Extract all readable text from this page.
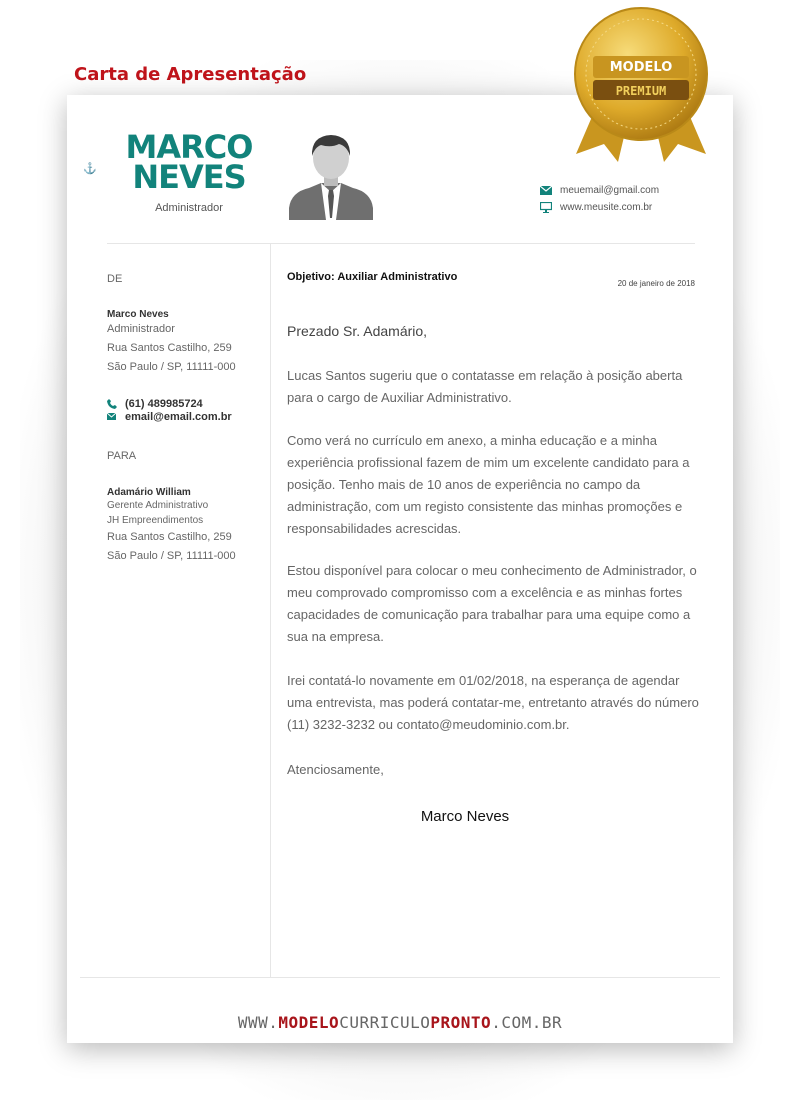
Carta de Apresentação
⚓
MARCO
NEVES
Administrador
meuemail@gmail.com
www.meusite.com.br
DE
Marco Neves
Administrador
Rua Santos Castilho, 259
São Paulo / SP, 11111-000
(61) 489985724
email@email.com.br
PARA
Adamário William
Gerente Administrativo
JH Empreendimentos
Rua Santos Castilho, 259
São Paulo / SP, 11111-000
Objetivo: Auxiliar Administrativo
20 de janeiro de 2018
Prezado Sr. Adamário,
Lucas Santos sugeriu que o contatasse em relação à posição aberta para o cargo de Auxiliar Administrativo.
Como verá no currículo em anexo, a minha educação e a minha experiência profissional fazem de mim um excelente candidato para a posição. Tenho mais de 10 anos de experiência no campo da administração, com um registo consistente das minhas promoções e responsabilidades acrescidas.
Estou disponível para colocar o meu conhecimento de Administrador, o meu comprovado compromisso com a excelência e as minhas fortes capacidades de comunicação para trabalhar para uma equipe como a sua na empresa.
Irei contatá-lo novamente em 01/02/2018, na esperança de agendar uma entrevista, mas poderá contatar-me, entretanto através do número (11) 3232-3232 ou contato@meudominio.com.br.
Atenciosamente,
Marco Neves
WWW.MODELOCURRICULOPRONTO.COM.BR
MODELO
PREMIUM
